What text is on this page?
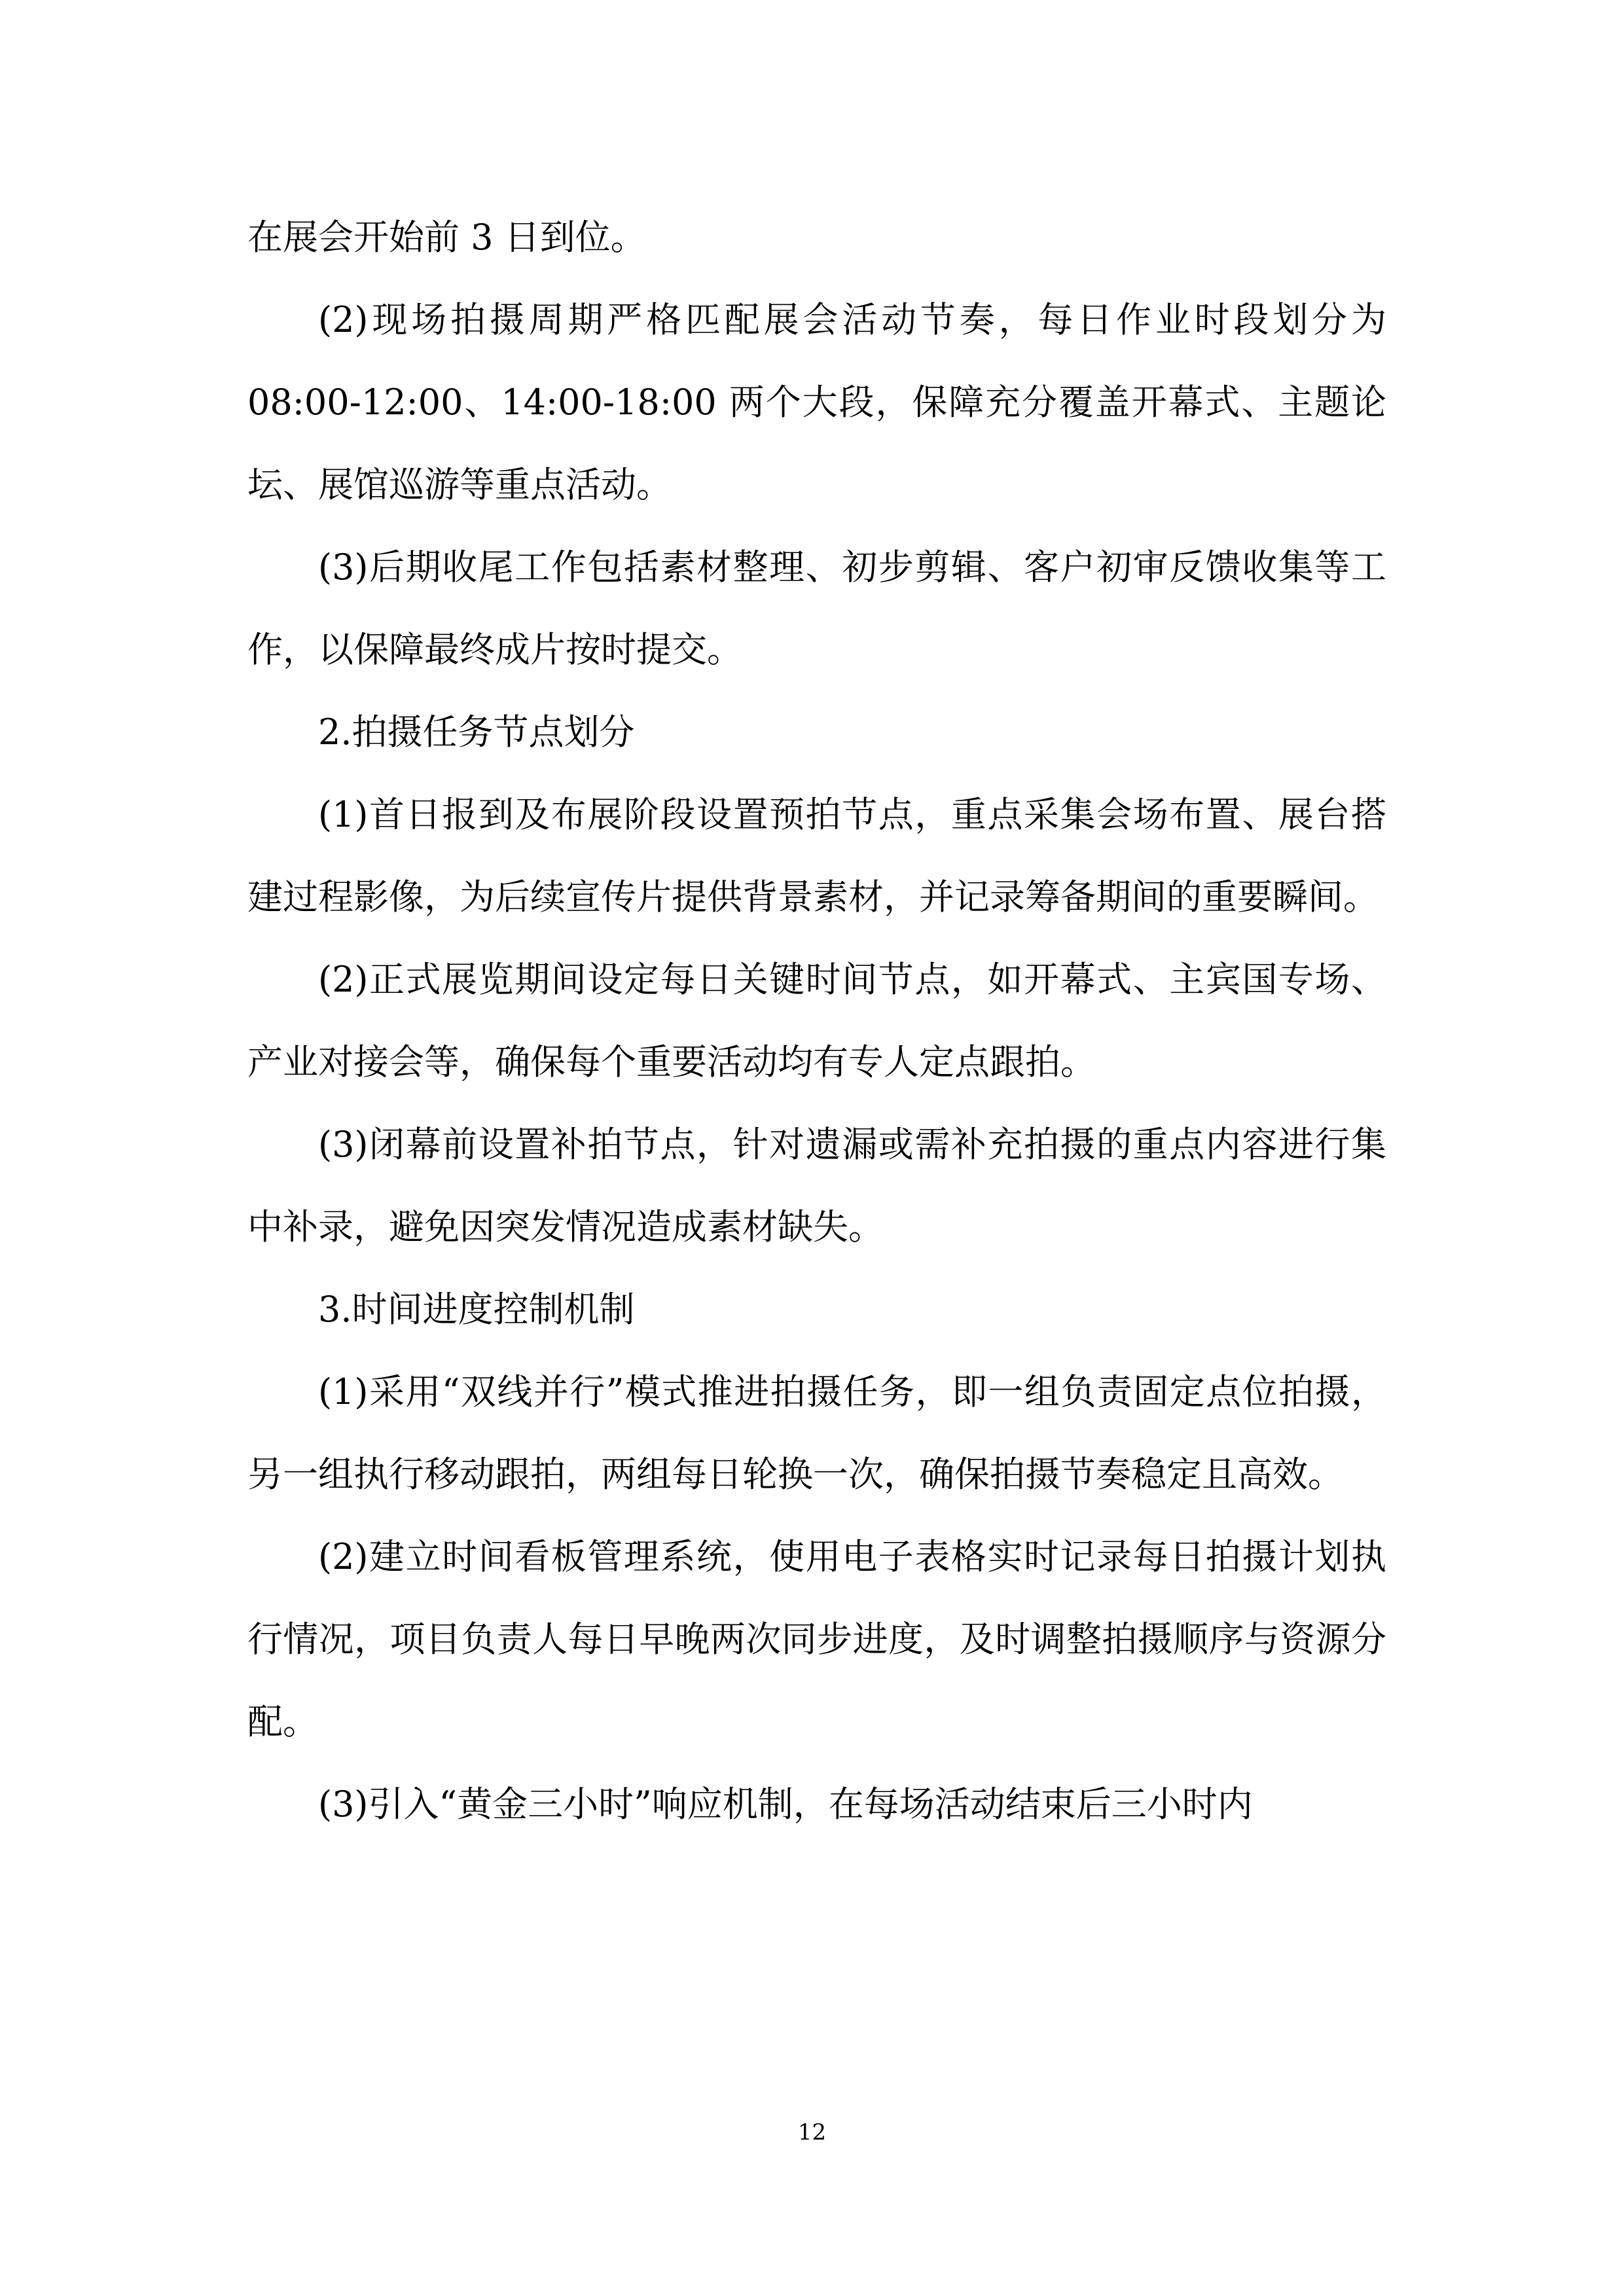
在展会开始前 3 日到位。

(2)现场拍摄周期严格匹配展会活动节奏，每日作业时段划分为 08:00-12:00、14:00-18:00 两个大段，保障充分覆盖开幕式、主题论坛、展馆巡游等重点活动。

(3)后期收尾工作包括素材整理、初步剪辑、客户初审反馈收集等工作，以保障最终成片按时提交。

2.拍摄任务节点划分

(1)首日报到及布展阶段设置预拍节点，重点采集会场布置、展台搭建过程影像，为后续宣传片提供背景素材，并记录筹备期间的重要瞬间。

(2)正式展览期间设定每日关键时间节点，如开幕式、主宾国专场、产业对接会等，确保每个重要活动均有专人定点跟拍。

(3)闭幕前设置补拍节点，针对遗漏或需补充拍摄的重点内容进行集中补录，避免因突发情况造成素材缺失。

3.时间进度控制机制

(1)采用“双线并行”模式推进拍摄任务，即一组负责固定点位拍摄，另一组执行移动跟拍，两组每日轮换一次，确保拍摄节奏稳定且高效。

(2)建立时间看板管理系统，使用电子表格实时记录每日拍摄计划执行情况，项目负责人每日早晚两次同步进度，及时调整拍摄顺序与资源分配。

(3)引入“黄金三小时”响应机制，在每场活动结束后三小时内

12
